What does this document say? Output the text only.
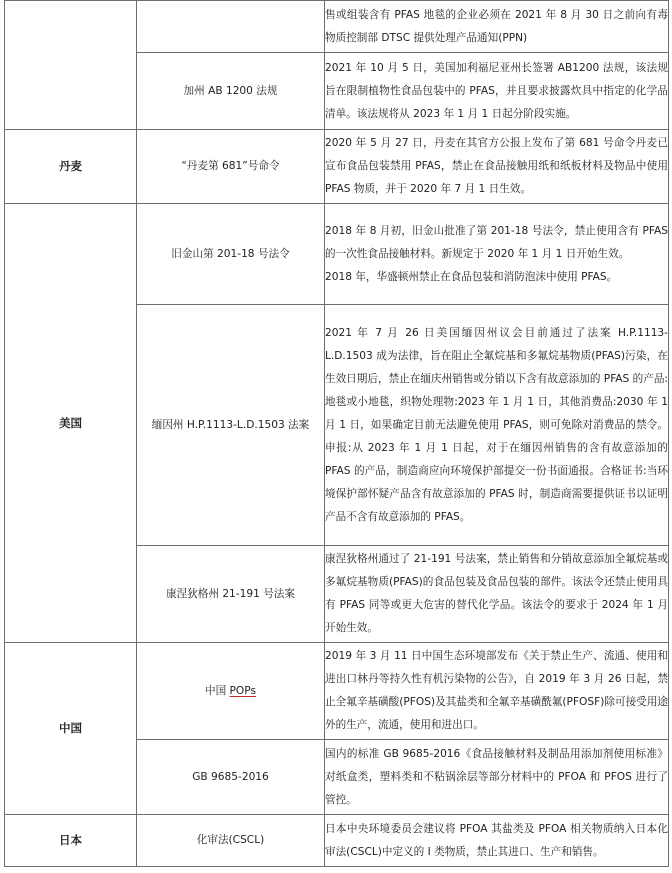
		售或组装含有 PFAS 地毯的企业必须在 2021 年 8 月 30 日之前向有毒物质控制部 DTSC 提供处理产品通知(PPN)

	加州 AB 1200 法规	2021 年 10 月 5 日，美国加利福尼亚州长签署 AB1200 法规，该法规旨在限制植物性食品包装中的 PFAS，并且要求披露炊具中指定的化学品清单。该法规将从 2023 年 1 月 1 日起分阶段实施。

丹麦	“丹麦第 681”号命令	2020 年 5 月 27 日，丹麦在其官方公报上发布了第 681 号命令丹麦已宣布食品包装禁用 PFAS，禁止在食品接触用纸和纸板材料及物品中使用 PFAS 物质，并于 2020 年 7 月 1 日生效。

美国	旧金山第 201-18 号法令	2018 年 8 月初，旧金山批准了第 201-18 号法令，禁止使用含有 PFAS 的一次性食品接触材料。新规定于 2020 年 1 月 1 日开始生效。

2018 年，华盛顿州禁止在食品包装和消防泡沫中使用 PFAS。

	缅因州 H.P.1113-L.D.1503 法案	2021 年 7 月 26 日美国缅因州议会目前通过了法案 H.P.1113-L.D.1503 成为法律，旨在阻止全氟烷基和多氟烷基物质(PFAS)污染，在生效日期后，禁止在缅庆州销售或分销以下含有故意添加的 PFAS 的产品:地毯或小地毯，织物处理物:2023 年 1 月 1 日，其他消费品:2030 年 1 月 1 日，如果确定目前无法避免使用 PFAS，则可免除对消费品的禁令。申报:从 2023 年 1 月 1 日起，对于在缅因州销售的含有故意添加的 PFAS 的产品，制造商应向环境保护部提交一份书面通报。合格证书:当环境保护部怀疑产品含有故意添加的 PFAS 时，制造商需要提供证书以证明产品不含有故意添加的 PFAS。

	康涅狄格州 21-191 号法案	康涅狄格州通过了 21-191 号法案，禁止销售和分销故意添加全氟烷基或多氟烷基物质(PFAS)的食品包装及食品包装的部件。该法令还禁止使用具有 PFAS 同等或更大危害的替代化学品。该法令的要求于 2024 年 1 月开始生效。

中国	中国 POPs	2019 年 3 月 11 日中国生态环境部发布《关于禁止生产、流通、使用和进出口林丹等持久性有机污染物的公告》，自 2019 年 3 月 26 日起，禁止全氟辛基磺酸(PFOS)及其盐类和全氟辛基磺酰氟(PFOSF)除可接受用途外的生产，流通，使用和进出口。

	GB 9685-2016	国内的标准 GB 9685-2016《食品接触材料及制品用添加剂使用标准》对纸盒类，塑料类和不粘锅涂层等部分材料中的 PFOA 和 PFOS 进行了管控。

日本	化审法(CSCL)	日本中央环境委员会建议将 PFOA 其盐类及 PFOA 相关物质纳入日本化审法(CSCL)中定义的 I 类物质，禁止其进口、生产和销售。
